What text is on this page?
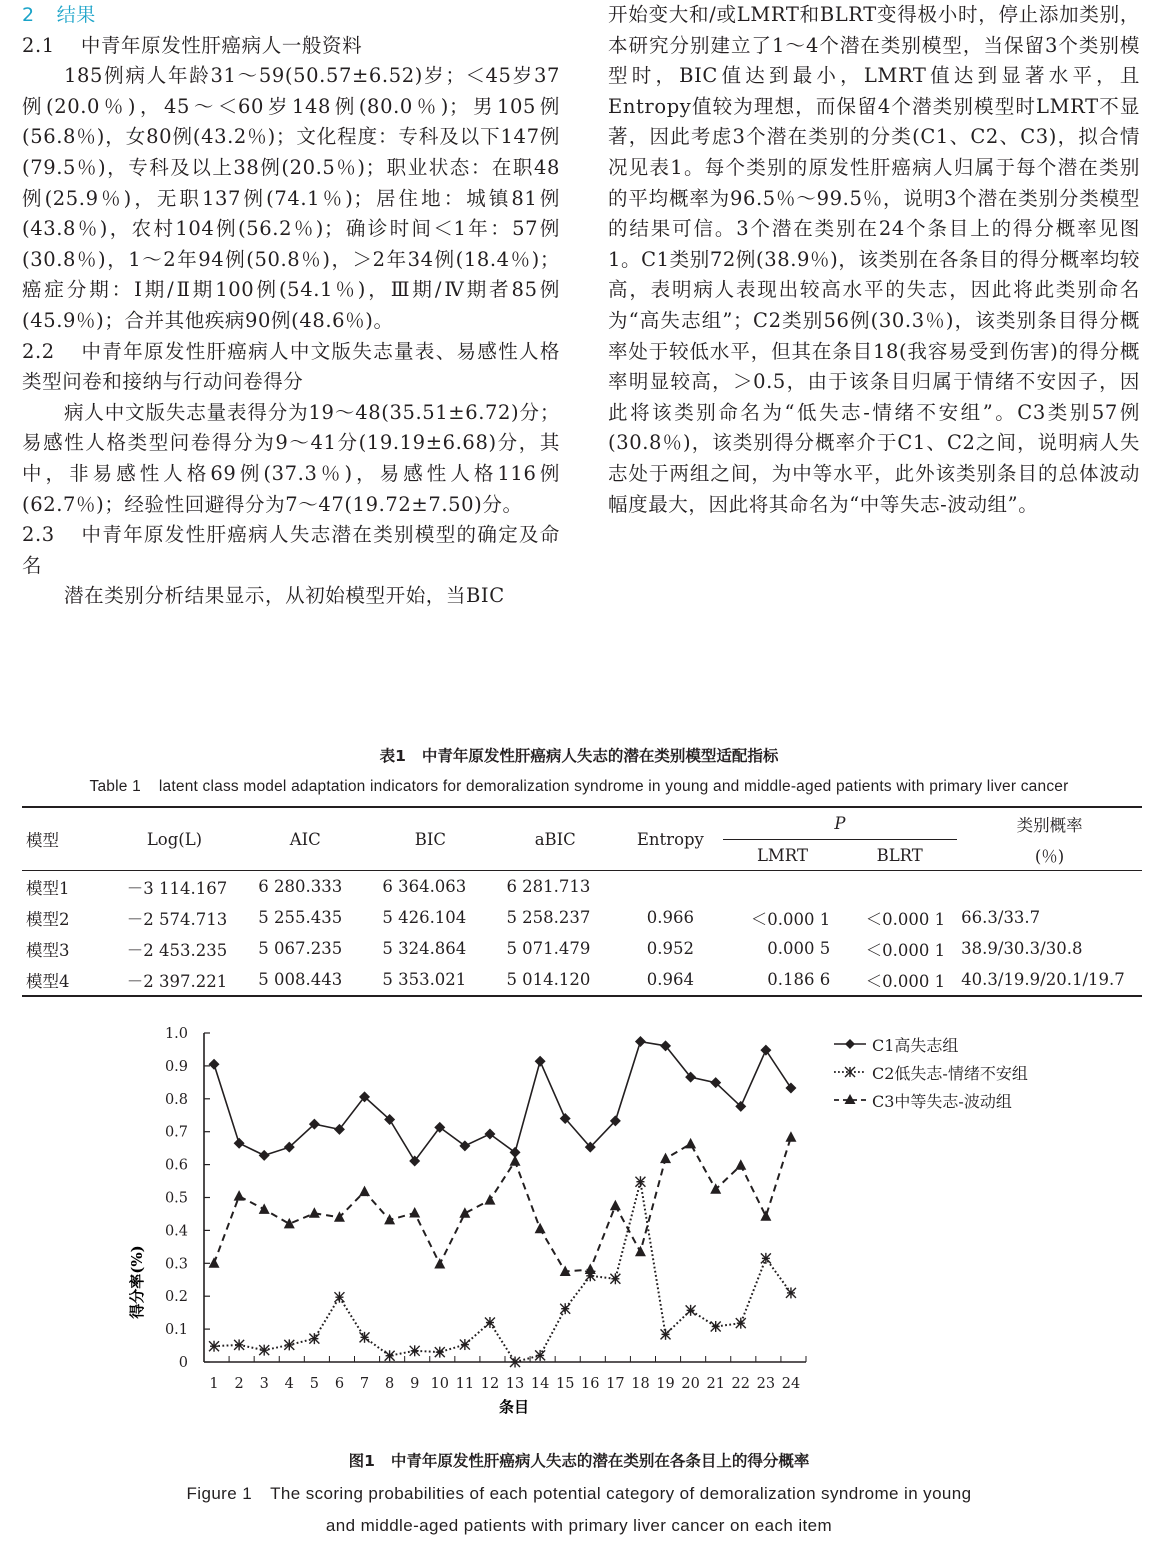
2 结果

2.1 中青年原发性肝癌病人一般资料

185例病人年龄31～59(50.57±6.52)岁；＜45岁37例(20.0％)，45～＜60岁148例(80.0％)；男105例(56.8％)，女80例(43.2％)；文化程度：专科及以下147例(79.5％)，专科及以上38例(20.5％)；职业状态：在职48例(25.9％)，无职137例(74.1％)；居住地：城镇81例(43.8％)，农村104例(56.2％)；确诊时间＜1年：57例(30.8％)，1～2年94例(50.8％)，＞2年34例(18.4％)；癌症分期：Ⅰ期/Ⅱ期100例(54.1％)，Ⅲ期/Ⅳ期者85例(45.9％)；合并其他疾病90例(48.6％)。

2.2 中青年原发性肝癌病人中文版失志量表、易感性人格类型问卷和接纳与行动问卷得分

病人中文版失志量表得分为19～48(35.51±6.72)分；易感性人格类型问卷得分为9～41分(19.19±6.68)分，其中，非易感性人格69例(37.3％)，易感性人格116例(62.7％)；经验性回避得分为7～47(19.72±7.50)分。

2.3 中青年原发性肝癌病人失志潜在类别模型的确定及命名

潜在类别分析结果显示，从初始模型开始，当BIC

开始变大和/或LMRT和BLRT变得极小时，停止添加类别，本研究分别建立了1～4个潜在类别模型，当保留3个类别模型时，BIC值达到最小，LMRT值达到显著水平，且Entropy值较为理想，而保留4个潜类别模型时LMRT不显著，因此考虑3个潜在类别的分类(C1、C2、C3)，拟合情况见表1。每个类别的原发性肝癌病人归属于每个潜在类别的平均概率为96.5％～99.5％，说明3个潜在类别分类模型的结果可信。3个潜在类别在24个条目上的得分概率见图1。C1类别72例(38.9％)，该类别在各条目的得分概率均较高，表明病人表现出较高水平的失志，因此将此类别命名为“高失志组”；C2类别56例(30.3％)，该类别条目得分概率处于较低水平，但其在条目18(我容易受到伤害)的得分概率明显较高，＞0.5，由于该条目归属于情绪不安因子，因此将该类别命名为“低失志-情绪不安组”。C3类别57例(30.8％)，该类别得分概率介于C1、C2之间，说明病人失志处于两组之间，为中等水平，此外该类别条目的总体波动幅度最大，因此将其命名为“中等失志-波动组”。

表1 中青年原发性肝癌病人失志的潜在类别模型适配指标
Table 1 latent class model adaptation indicators for demoralization syndrome in young and middle-aged patients with primary liver cancer
模型	Log(L)	AIC	BIC	aBIC	Entropy	P		类别概率
						LMRT	BLRT	(％)
模型1	－3 114.167	6 280.333	6 364.063	6 281.713				
模型2	－2 574.713	5 255.435	5 426.104	5 258.237	0.966	＜0.000 1	＜0.000 1	66.3/33.7
模型3	－2 453.235	5 067.235	5 324.864	5 071.479	0.952	0.000 5	＜0.000 1	38.9/30.3/30.8
模型4	－2 397.221	5 008.443	5 353.021	5 014.120	0.964	0.186 6	＜0.000 1	40.3/19.9/20.1/19.7
0
0.1
0.2
0.3
0.4
0.5
0.6
0.7
0.8
0.9
1.0
1 2 3 4 5 6 7 8 9 10 11 12 13 14 15 16 17 18 19 20 21 22 23 24
得分率(%)
条目
C1高失志组
C2低失志-情绪不安组
C3中等失志-波动组
图1 中青年原发性肝癌病人失志的潜在类别在各条目上的得分概率
Figure 1 The scoring probabilities of each potential category of demoralization syndrome in young
and middle-aged patients with primary liver cancer on each item
